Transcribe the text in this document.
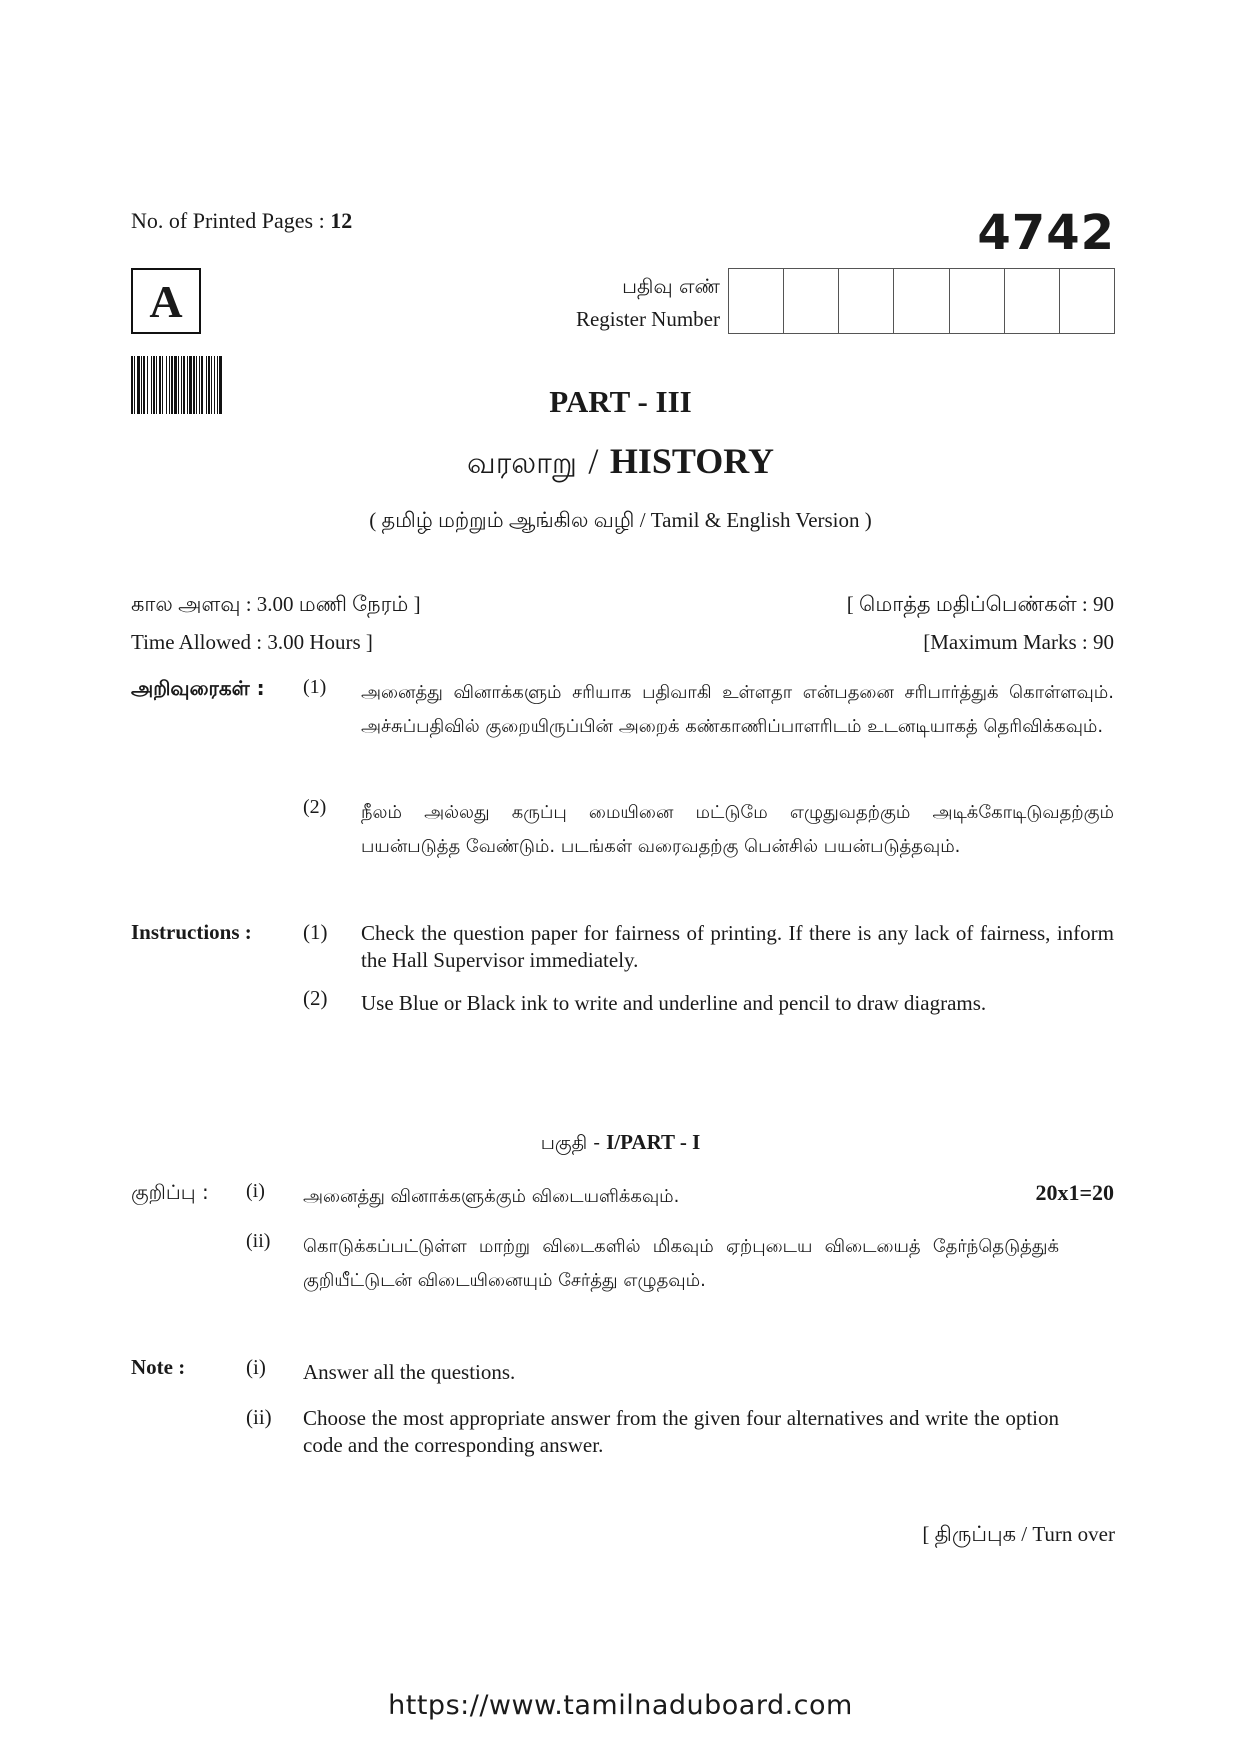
No. of Printed Pages : 12	4742
A	பதிவு எண்
Register Number
PART - III
வரலாறு / HISTORY
( தமிழ் மற்றும் ஆங்கில வழி / Tamil & English Version )
கால அளவு : 3.00 மணி நேரம் ]	[ மொத்த மதிப்பெண்கள் : 90
Time Allowed : 3.00 Hours ]	[Maximum Marks : 90
அறிவுரைகள் : (1) அனைத்து வினாக்களும் சரியாக பதிவாகி உள்ளதா என்பதனை சரிபார்த்துக் கொள்ளவும். அச்சுப்பதிவில் குறையிருப்பின் அறைக் கண்காணிப்பாளரிடம் உடனடியாகத் தெரிவிக்கவும்.
(2) நீலம் அல்லது கருப்பு மையினை மட்டுமே எழுதுவதற்கும் அடிக்கோடிடுவதற்கும் பயன்படுத்த வேண்டும். படங்கள் வரைவதற்கு பென்சில் பயன்படுத்தவும்.
Instructions : (1) Check the question paper for fairness of printing. If there is any lack of fairness, inform the Hall Supervisor immediately.
(2) Use Blue or Black ink to write and underline and pencil to draw diagrams.
பகுதி - I/PART - I
குறிப்பு : (i) அனைத்து வினாக்களுக்கும் விடையளிக்கவும்.	20x1=20
(ii) கொடுக்கப்பட்டுள்ள மாற்று விடைகளில் மிகவும் ஏற்புடைய விடையைத் தேர்ந்தெடுத்துக் குறியீட்டுடன் விடையினையும் சேர்த்து எழுதவும்.
Note :	(i) Answer all the questions.
(ii) Choose the most appropriate answer from the given four alternatives and write the option code and the corresponding answer.
[ திருப்புக / Turn over
https://www.tamilnaduboard.com
